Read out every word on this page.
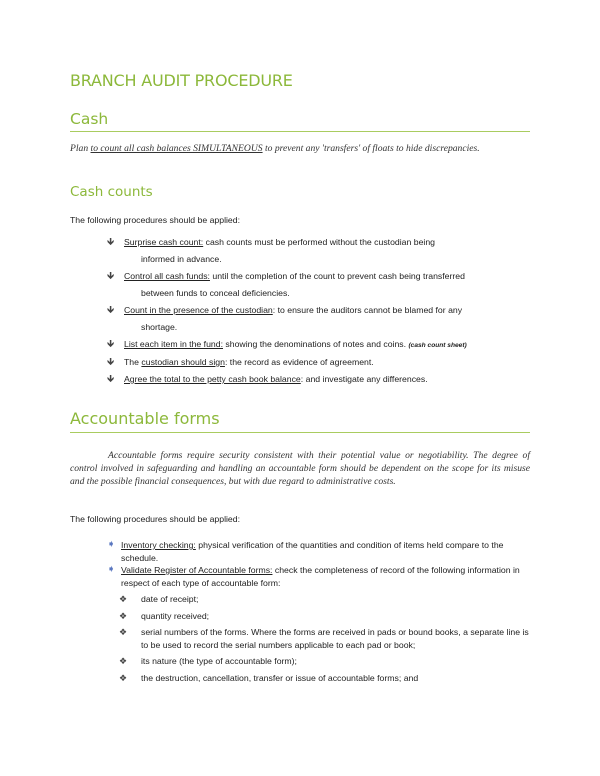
BRANCH AUDIT PROCEDURE
Cash

Plan to count all cash balances SIMULTANEOUS to prevent any 'transfers' of floats to hide discrepancies.

Cash counts

The following procedures should be applied:

🡻 Surprise cash count: cash counts must be performed without the custodian being
informed in advance.
🡻 Control all cash funds: until the completion of the count to prevent cash being transferred
between funds to conceal deficiencies.
🡻 Count in the presence of the custodian: to ensure the auditors cannot be blamed for any
shortage.
🡻 List each item in the fund: showing the denominations of notes and coins. (cash count sheet)
🡻 The custodian should sign: the record as evidence of agreement.
🡻 Agree the total to the petty cash book balance: and investigate any differences.
Accountable forms

Accountable forms require security consistent with their potential value or negotiability. The degree of control involved in safeguarding and handling an accountable form should be dependent on the scope for its misuse and the possible financial consequences, but with due regard to administrative costs.

The following procedures should be applied:

➧ Inventory checking: physical verification of the quantities and condition of items held compare to the schedule.
➧ Validate Register of Accountable forms: check the completeness of record of the following information in respect of each type of accountable form:
❖ date of receipt;
❖ quantity received;
❖ serial numbers of the forms. Where the forms are received in pads or bound books, a separate line is to be used to record the serial numbers applicable to each pad or book;
❖ its nature (the type of accountable form);
❖ the destruction, cancellation, transfer or issue of accountable forms; and
